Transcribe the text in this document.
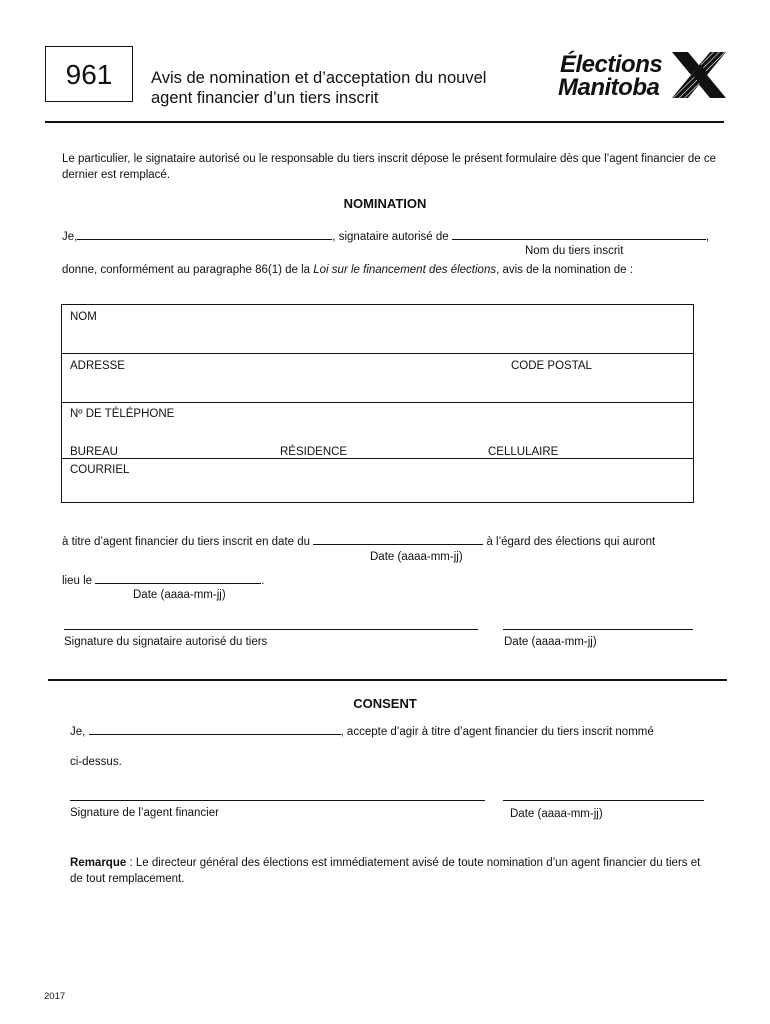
961	Avis de nomination et d’acceptation du nouvel agent financier d’un tiers inscrit
Élections
Manitoba
Le particulier, le signataire autorisé ou le responsable du tiers inscrit dépose le présent formulaire dès que l’agent financier de ce dernier est remplacé.
NOMINATION
Je,	, signataire autorisé de	,
Nom du tiers inscrit
donne, conformément au paragraphe 86(1) de la Loi sur le financement des élections, avis de la nomination de :
NOM
ADRESSE	CODE POSTAL
Nº DE TÉLÉPHONE
BUREAU	RÉSIDENCE	CELLULAIRE
COURRIEL
à titre d’agent financier du tiers inscrit en date du	à l’égard des élections qui auront
Date (aaaa-mm-jj)
lieu le	.
Date (aaaa-mm-jj)
Signature du signataire autorisé du tiers	Date (aaaa-mm-jj)
CONSENT
Je,	, accepte d’agir à titre d’agent financier du tiers inscrit nommé
ci-dessus.
Signature de l’agent financier	Date (aaaa-mm-jj)
Remarque : Le directeur général des élections est immédiatement avisé de toute nomination d’un agent financier du tiers et de tout remplacement.
2017
